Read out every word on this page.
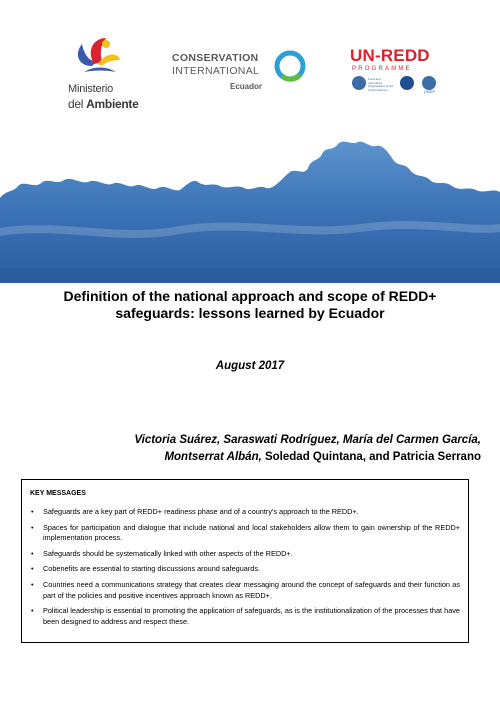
Ministerio
del Ambiente
CONSERVATION
INTERNATIONAL
Ecuador
UN-REDD
PROGRAMME
Food and Agriculture Organization of the United Nations	UNEP
Definition of the national approach and scope of REDD+
safeguards: lessons learned by Ecuador

August 2017

Victoria Suárez, Saraswati Rodríguez, María del Carmen García,
Montserrat Albán, Soledad Quintana, and Patricia Serrano

KEY MESSAGES

• Safeguards are a key part of REDD+ readiness phase and of a country's approach to the REDD+.
• Spaces for participation and dialogue that include national and local stakeholders allow them to gain ownership of the REDD+ implementation process.
• Safeguards should be systematically linked with other aspects of the REDD+.
• Cobenefits are essential to starting discussions around safeguards.
• Countries need a communications strategy that creates clear messaging around the concept of safeguards and their function as part of the policies and positive incentives approach known as REDD+.
• Political leadership is essential to promoting the application of safeguards, as is the institutionalization of the processes that have been designed to address and respect these.
